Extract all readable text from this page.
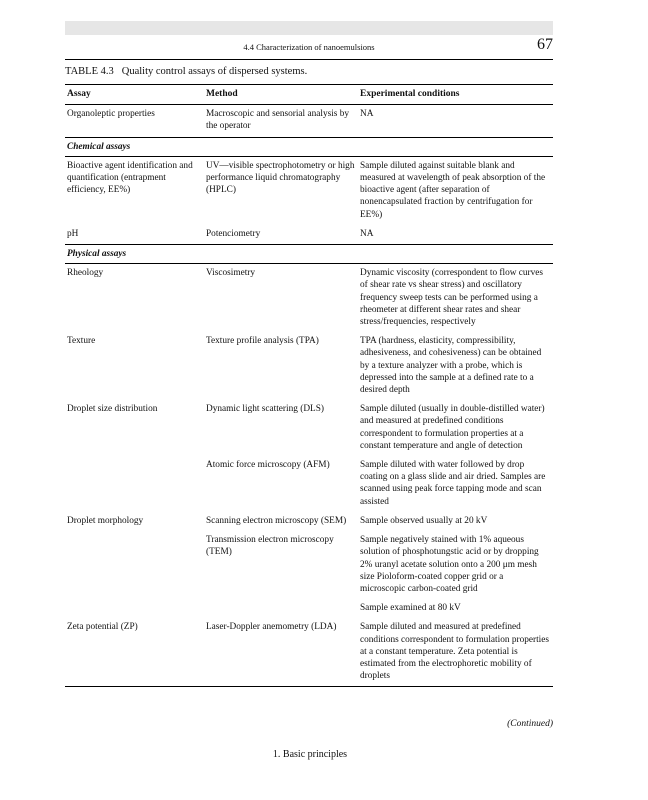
4.4 Characterization of nanoemulsions	67
TABLE 4.3 Quality control assays of dispersed systems.
Assay	Method	Experimental conditions
Organoleptic properties	Macroscopic and sensorial analysis by the operator	NA
Chemical assays		
Bioactive agent identification and quantification (entrapment efficiency, EE%)	UV—visible spectrophotometry or high performance liquid chromatography (HPLC)	Sample diluted against suitable blank and measured at wavelength of peak absorption of the bioactive agent (after separation of nonencapsulated fraction by centrifugation for EE%)
pH	Potenciometry	NA
Physical assays		
Rheology	Viscosimetry	Dynamic viscosity (correspondent to flow curves of shear rate vs shear stress) and oscillatory frequency sweep tests can be performed using a rheometer at different shear rates and shear stress/frequencies, respectively
Texture	Texture profile analysis (TPA)	TPA (hardness, elasticity, compressibility, adhesiveness, and cohesiveness) can be obtained by a texture analyzer with a probe, which is depressed into the sample at a defined rate to a desired depth
Droplet size distribution	Dynamic light scattering (DLS)	Sample diluted (usually in double-distilled water) and measured at predefined conditions correspondent to formulation properties at a constant temperature and angle of detection
	Atomic force microscopy (AFM)	Sample diluted with water followed by drop coating on a glass slide and air dried. Samples are scanned using peak force tapping mode and scan assisted
Droplet morphology	Scanning electron microscopy (SEM)	Sample observed usually at 20 kV
	Transmission electron microscopy (TEM)	Sample negatively stained with 1% aqueous solution of phosphotungstic acid or by dropping 2% uranyl acetate solution onto a 200 μm mesh size Pioloform-coated copper grid or a microscopic carbon-coated grid
		Sample examined at 80 kV
Zeta potential (ZP)	Laser-Doppler anemometry (LDA)	Sample diluted and measured at predefined conditions correspondent to formulation properties at a constant temperature. Zeta potential is estimated from the electrophoretic mobility of droplets
(Continued)
1. Basic principles
